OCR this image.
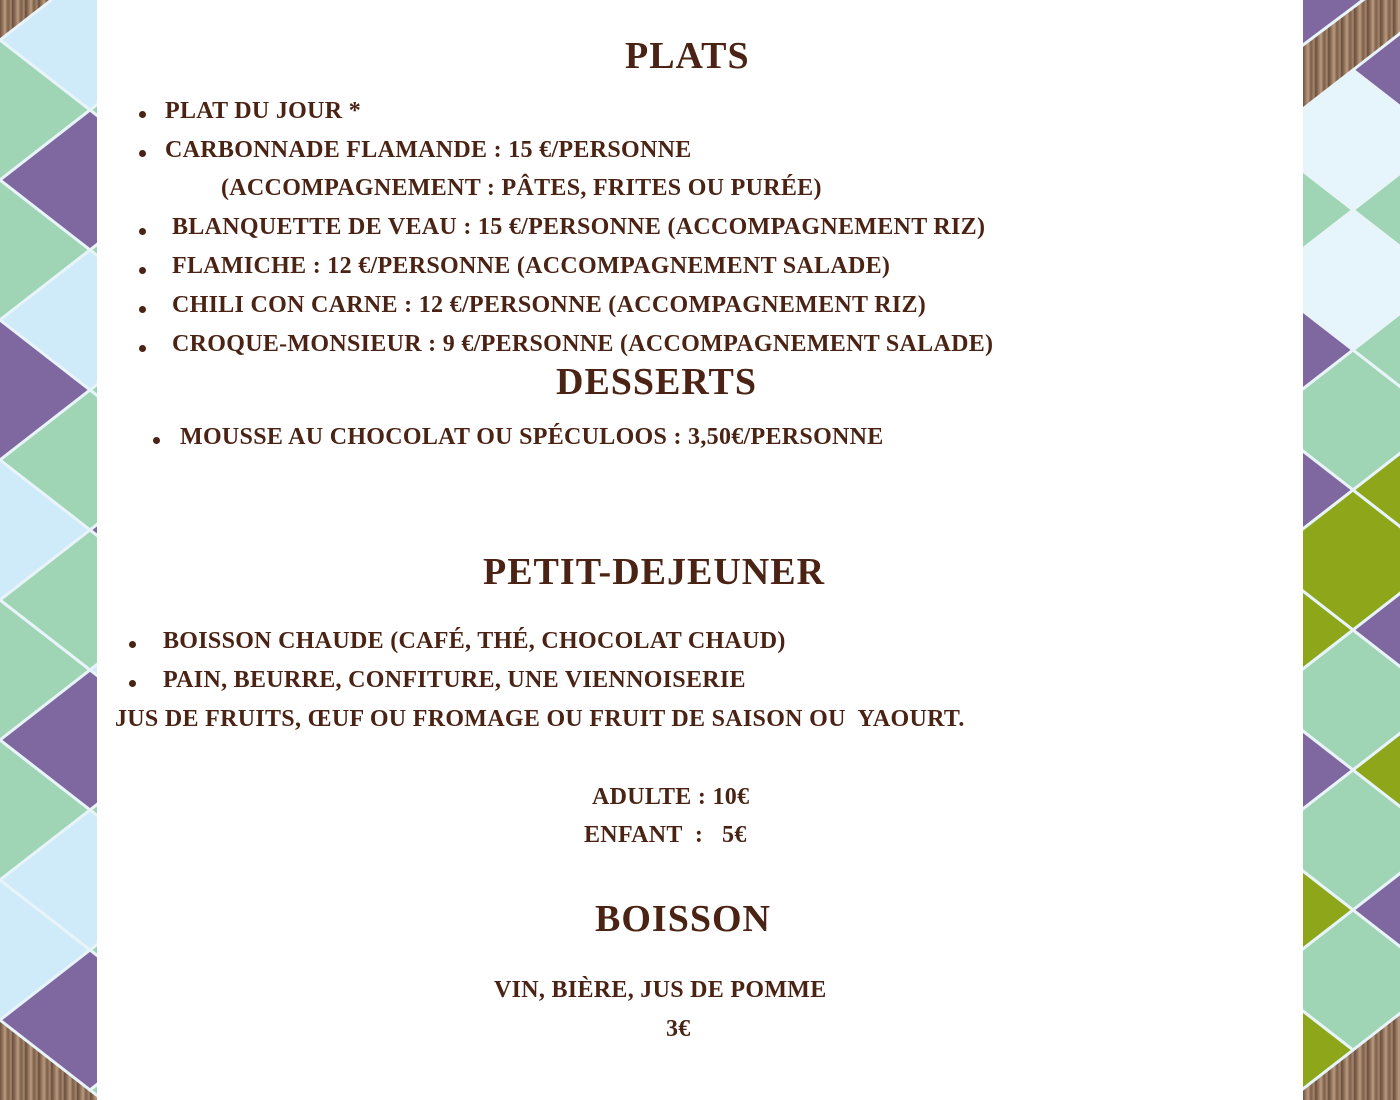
PLATS
PLAT DU JOUR *
CARBONNADE FLAMANDE : 15 €/PERSONNE
(ACCOMPAGNEMENT : PÂTES, FRITES OU PURÉE)
BLANQUETTE DE VEAU : 15 €/PERSONNE (ACCOMPAGNEMENT RIZ)
FLAMICHE : 12 €/PERSONNE (ACCOMPAGNEMENT SALADE)
CHILI CON CARNE : 12 €/PERSONNE (ACCOMPAGNEMENT RIZ)
CROQUE-MONSIEUR : 9 €/PERSONNE (ACCOMPAGNEMENT SALADE)
DESSERTS
MOUSSE AU CHOCOLAT OU SPÉCULOOS : 3,50€/PERSONNE
PETIT-DEJEUNER
BOISSON CHAUDE (CAFÉ, THÉ, CHOCOLAT CHAUD)
PAIN, BEURRE, CONFITURE, UNE VIENNOISERIE
JUS DE FRUITS, ŒUF OU FROMAGE OU FRUIT DE SAISON OU  YAOURT.
ADULTE : 10€
ENFANT  :   5€
BOISSON
VIN, BIÈRE, JUS DE POMME
3€
